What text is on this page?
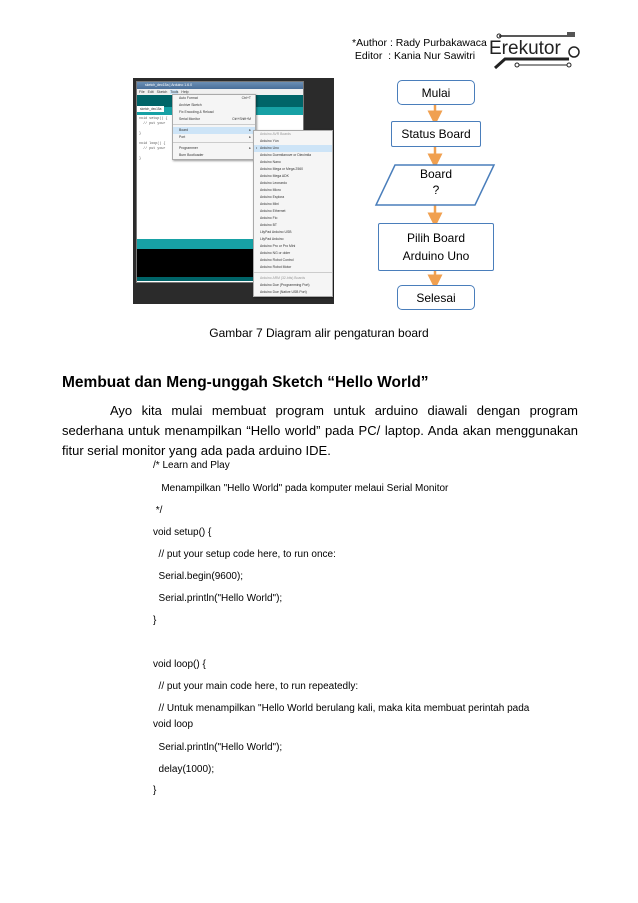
*Author : Rady Purbakawaca
Editor  : Kania Nur Sawitri Erekutor
sketch_dec15a | Arduino 1.6.0
File Edit Sketch Tools Help
sketch_dec15a
void setup() {
// put your
}
void loop() {
// put your
}
Auto Format	Ctrl+T
Archive Sketch
Fix Encoding & Reload
Serial Monitor	Ctrl+Shift+M
Board	▸
Port	▸
Programmer	▸
Burn Bootloader
Arduino AVR Boards
Arduino Yún
• Arduino Uno
Arduino Duemilanove or Diecimila
Arduino Nano
Arduino Mega or Mega 2560
Arduino Mega ADK
Arduino Leonardo
Arduino Micro
Arduino Esplora
Arduino Mini
Arduino Ethernet
Arduino Fio
Arduino BT
LilyPad Arduino USB
LilyPad Arduino
Arduino Pro or Pro Mini
Arduino NG or older
Arduino Robot Control
Arduino Robot Motor
Arduino ARM (32-bits) Boards
Arduino Due (Programming Port)
Arduino Due (Native USB Port)
Mulai
Status Board
Board
?
Pilih Board
Arduino Uno
Selesai
Gambar 7 Diagram alir pengaturan board
Membuat dan Meng-unggah Sketch “Hello World”
Ayo kita mulai membuat program untuk arduino diawali dengan program sederhana untuk menampilkan “Hello world” pada PC/ laptop. Anda akan menggunakan fitur serial monitor yang ada pada arduino IDE.
/* Learn and Play
Menampilkan "Hello World" pada komputer melaui Serial Monitor
*/
void setup() {
// put your setup code here, to run once:
Serial.begin(9600);
Serial.println("Hello World");
}
void loop() {
// put your main code here, to run repeatedly:
// Untuk menampilkan "Hello World berulang kali, maka kita membuat perintah pada
void loop
Serial.println("Hello World");
delay(1000);
}
